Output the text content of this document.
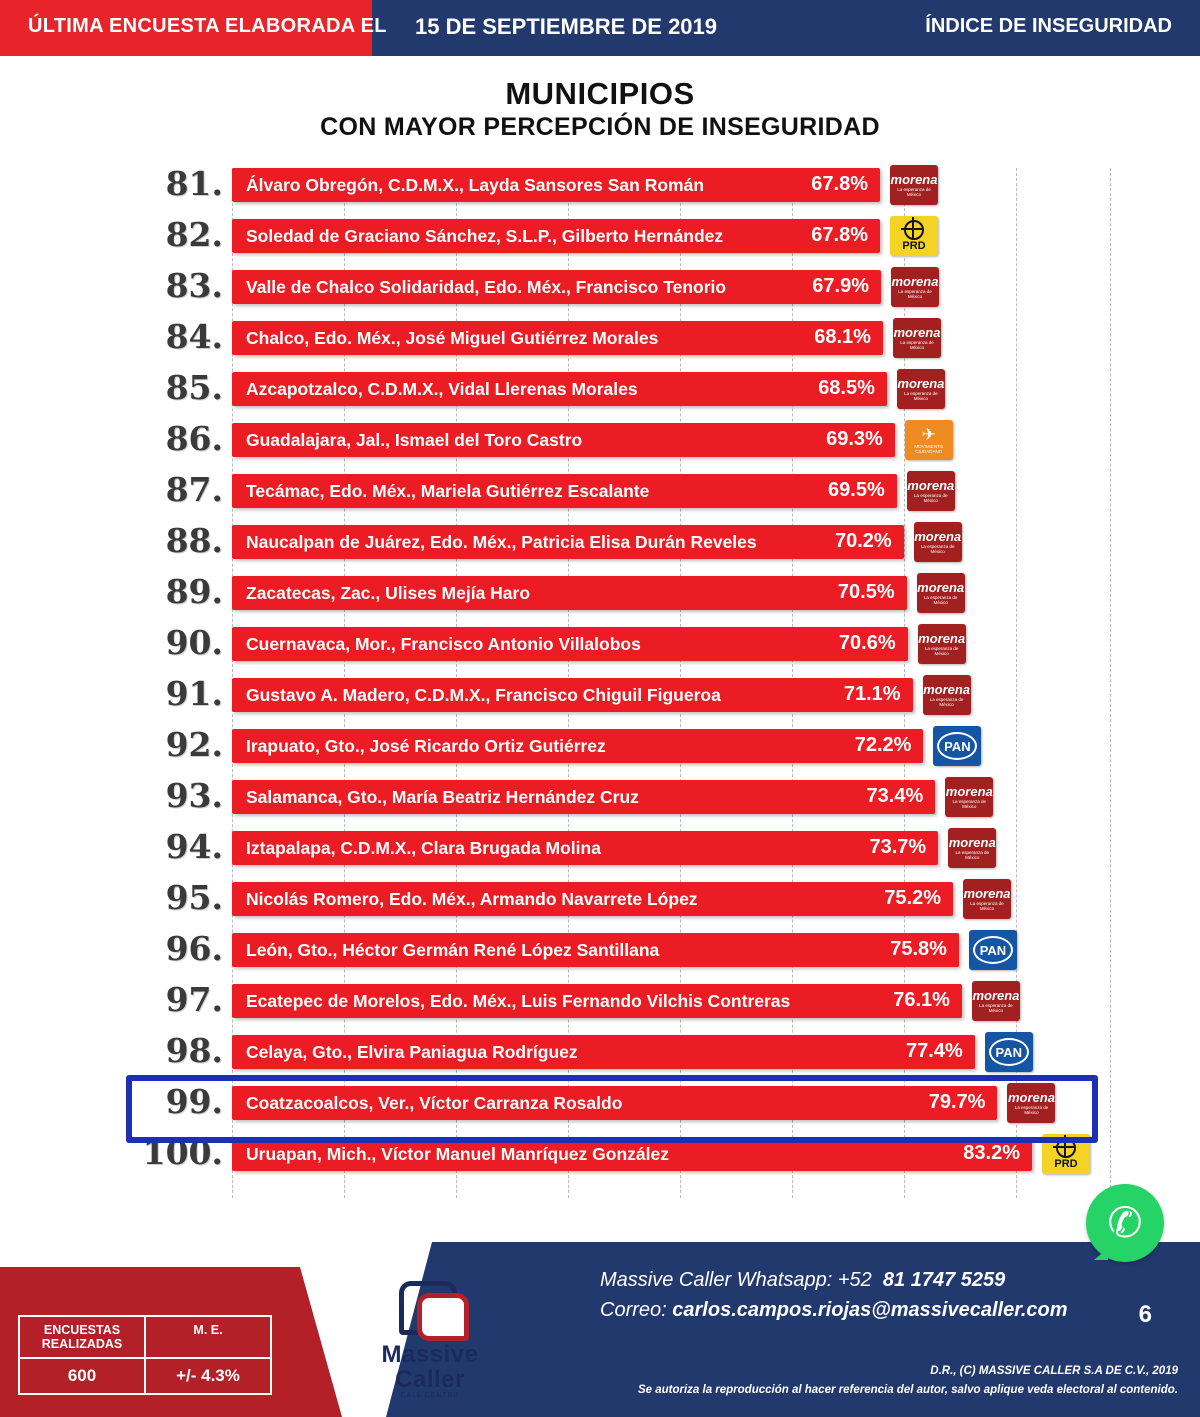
ÚLTIMA ENCUESTA ELABORADA EL 15 DE SEPTIEMBRE DE 2019	ÍNDICE DE INSEGURIDAD
MUNICIPIOS
CON MAYOR PERCEPCIÓN DE INSEGURIDAD
81. Álvaro Obregón, C.D.M.X., Layda Sansores San Román	67.8% morena
La esperanza de México
82. Soledad de Graciano Sánchez, S.L.P., Gilberto Hernández	67.8%	PRD
83. Valle de Chalco Solidaridad, Edo. Méx., Francisco Tenorio	67.9% morena
La esperanza de México
84. Chalco, Edo. Méx., José Miguel Gutiérrez Morales	68.1% morena
La esperanza de México
85. Azcapotzalco, C.D.M.X., Vidal Llerenas Morales	68.5% morena
La esperanza de México
86. Guadalajara, Jal., Ismael del Toro Castro	69.3% ✈
MOVIMIENTO CIUDADANO
87. Tecámac, Edo. Méx., Mariela Gutiérrez Escalante	69.5% morena
La esperanza de México
88. Naucalpan de Juárez, Edo. Méx., Patricia Elisa Durán Reveles	70.2% morena
La esperanza de México
89. Zacatecas, Zac., Ulises Mejía Haro	70.5% morena
La esperanza de México
90. Cuernavaca, Mor., Francisco Antonio Villalobos	70.6% morena
La esperanza de México
91. Gustavo A. Madero, C.D.M.X., Francisco Chiguil Figueroa	71.1% morena
La esperanza de México
92. Irapuato, Gto., José Ricardo Ortiz Gutiérrez	72.2%	PAN
93. Salamanca, Gto., María Beatriz Hernández Cruz	73.4% morena
La esperanza de México
94. Iztapalapa, C.D.M.X., Clara Brugada Molina	73.7% morena
La esperanza de México
95. Nicolás Romero, Edo. Méx., Armando Navarrete López	75.2% morena
La esperanza de México
96. León, Gto., Héctor Germán René López Santillana	75.8%	PAN
97. Ecatepec de Morelos, Edo. Méx., Luis Fernando Vilchis Contreras	76.1% morena
La esperanza de México
98. Celaya, Gto., Elvira Paniagua Rodríguez	77.4%	PAN
99. Coatzacoalcos, Ver., Víctor Carranza Rosaldo	79.7% morena
La esperanza de México
100. Uruapan, Mich., Víctor Manuel Manríquez González	83.2%	PRD
ENCUESTAS REALIZADAS
M. E.
600	+/- 4.3%
Massive
Caller
CALL CENTER
✆
Massive Caller Whatsapp: +52 81 1747 5259
Correo: carlos.campos.riojas@massivecaller.com	6
D.R., (C) MASSIVE CALLER S.A DE C.V., 2019
Se autoriza la reproducción al hacer referencia del autor, salvo aplique veda electoral al contenido.
